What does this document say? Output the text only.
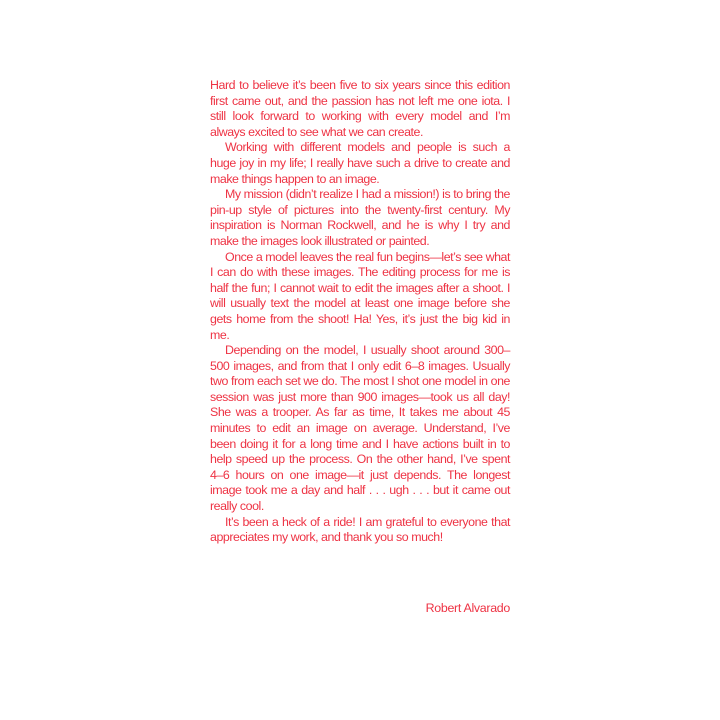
Hard to believe it’s been five to six years since this edition first came out, and the passion has not left me one iota. I still look forward to working with every model and I’m always excited to see what we can create.

Working with different models and people is such a huge joy in my life; I really have such a drive to create and make things happen to an image.

My mission (didn’t realize I had a mission!) is to bring the pin-up style of pictures into the twenty-first century. My inspiration is Norman Rockwell, and he is why I try and make the images look illustrated or painted.

Once a model leaves the real fun begins—let’s see what I can do with these images. The editing process for me is half the fun; I cannot wait to edit the images after a shoot. I will usually text the model at least one image before she gets home from the shoot! Ha! Yes, it’s just the big kid in me.

Depending on the model, I usually shoot around 300–500 images, and from that I only edit 6–8 images. Usually two from each set we do. The most I shot one model in one session was just more than 900 images—took us all day! She was a trooper. As far as time, It takes me about 45 minutes to edit an image on average. Understand, I’ve been doing it for a long time and I have actions built in to help speed up the process. On the other hand, I’ve spent 4–6 hours on one image—it just depends. The longest image took me a day and half . . . ugh . . . but it came out really cool.

It’s been a heck of a ride! I am grateful to everyone that appreciates my work, and thank you so much!

Robert Alvarado
